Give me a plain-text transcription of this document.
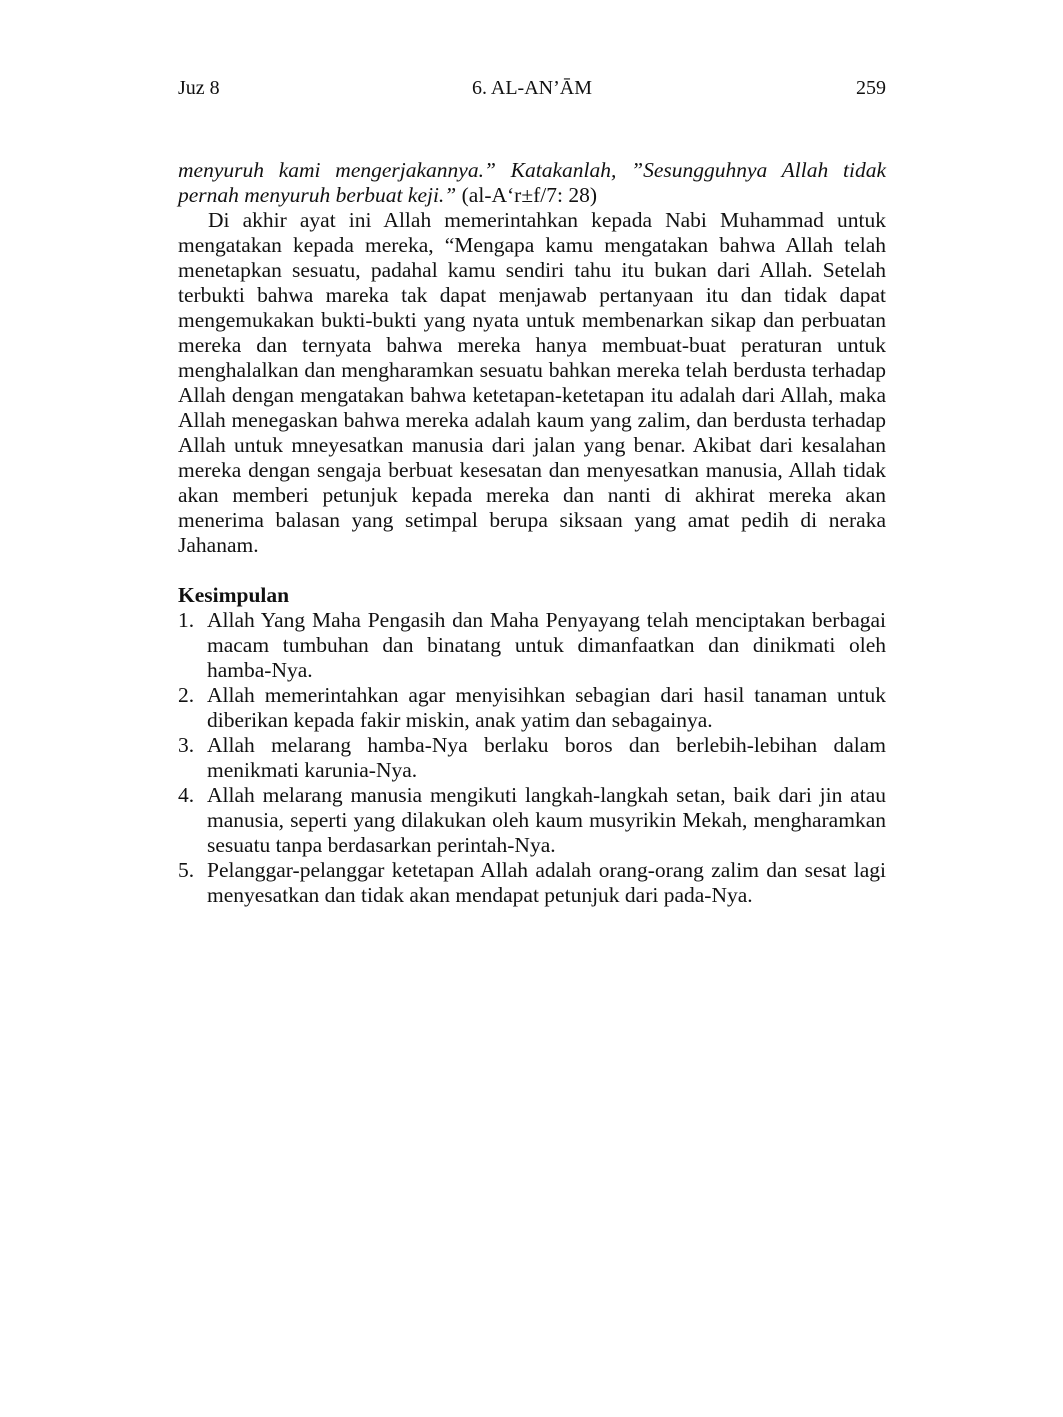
Juz 8	6. AL-AN’ĀM	259

menyuruh kami mengerjakannya.” Katakanlah, ”Sesungguhnya Allah tidak pernah menyuruh berbuat keji.” (al-A‘r±f/7: 28)

Di akhir ayat ini Allah memerintahkan kepada Nabi Muhammad untuk mengatakan kepada mereka, “Mengapa kamu mengatakan bahwa Allah telah menetapkan sesuatu, padahal kamu sendiri tahu itu bukan dari Allah. Setelah terbukti bahwa mareka tak dapat menjawab pertanyaan itu dan tidak dapat mengemukakan bukti-bukti yang nyata untuk membenarkan sikap dan perbuatan mereka dan ternyata bahwa mereka hanya membuat-buat peraturan untuk menghalalkan dan mengharamkan sesuatu bahkan mereka telah berdusta terhadap Allah dengan mengatakan bahwa ketetapan-ketetapan itu adalah dari Allah, maka Allah menegaskan bahwa mereka adalah kaum yang zalim, dan berdusta terhadap Allah untuk mneyesatkan manusia dari jalan yang benar. Akibat dari kesalahan mereka dengan sengaja berbuat kesesatan dan menyesatkan manusia, Allah tidak akan memberi petunjuk kepada mereka dan nanti di akhirat mereka akan menerima balasan yang setimpal berupa siksaan yang amat pedih di neraka Jahanam.

Kesimpulan
1. Allah Yang Maha Pengasih dan Maha Penyayang telah menciptakan berbagai macam tumbuhan dan binatang untuk dimanfaatkan dan dinikmati oleh hamba-Nya.
2. Allah memerintahkan agar menyisihkan sebagian dari hasil tanaman untuk diberikan kepada fakir miskin, anak yatim dan sebagainya.
3. Allah melarang hamba-Nya berlaku boros dan berlebih-lebihan dalam menikmati karunia-Nya.
4. Allah melarang manusia mengikuti langkah-langkah setan, baik dari jin atau manusia, seperti yang dilakukan oleh kaum musyrikin Mekah, mengharamkan sesuatu tanpa berdasarkan perintah-Nya.
5. Pelanggar-pelanggar ketetapan Allah adalah orang-orang zalim dan sesat lagi menyesatkan dan tidak akan mendapat petunjuk dari pada-Nya.
